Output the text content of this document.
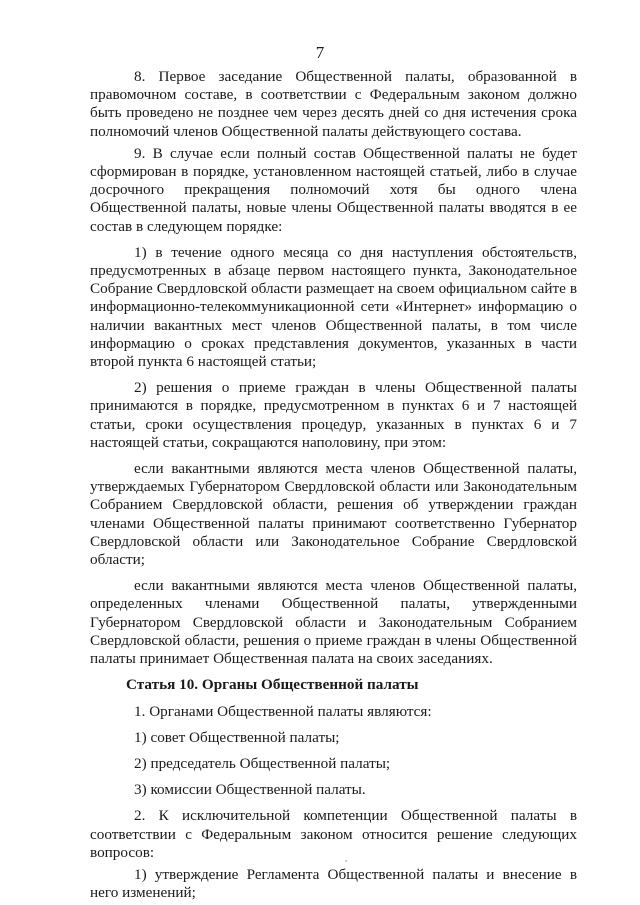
7

8. Первое заседание Общественной палаты, образованной в правомочном составе, в соответствии с Федеральным законом должно быть проведено не позднее чем через десять дней со дня истечения срока полномочий членов Общественной палаты действующего состава.

9. В случае если полный состав Общественной палаты не будет сформирован в порядке, установленном настоящей статьей, либо в случае досрочного прекращения полномочий хотя бы одного члена Общественной палаты, новые члены Общественной палаты вводятся в ее состав в следующем порядке:

1) в течение одного месяца со дня наступления обстоятельств, предусмотренных в абзаце первом настоящего пункта, Законодательное Собрание Свердловской области размещает на своем официальном сайте в информационно-телекоммуникационной сети «Интернет» информацию о наличии вакантных мест членов Общественной палаты, в том числе информацию о сроках представления документов, указанных в части второй пункта 6 настоящей статьи;

2) решения о приеме граждан в члены Общественной палаты принимаются в порядке, предусмотренном в пунктах 6 и 7 настоящей статьи, сроки осуществления процедур, указанных в пунктах 6 и 7 настоящей статьи, сокращаются наполовину, при этом:

если вакантными являются места членов Общественной палаты, утверждаемых Губернатором Свердловской области или Законодательным Собранием Свердловской области, решения об утверждении граждан членами Общественной палаты принимают соответственно Губернатор Свердловской области или Законодательное Собрание Свердловской области;

если вакантными являются места членов Общественной палаты, определенных членами Общественной палаты, утвержденными Губернатором Свердловской области и Законодательным Собранием Свердловской области, решения о приеме граждан в члены Общественной палаты принимает Общественная палата на своих заседаниях.

Статья 10. Органы Общественной палаты

1. Органами Общественной палаты являются:

1) совет Общественной палаты;

2) председатель Общественной палаты;

3) комиссии Общественной палаты.

2. К исключительной компетенции Общественной палаты в соответствии с Федеральным законом относится решение следующих вопросов:

1) утверждение Регламента Общественной палаты и внесение в него изменений;
